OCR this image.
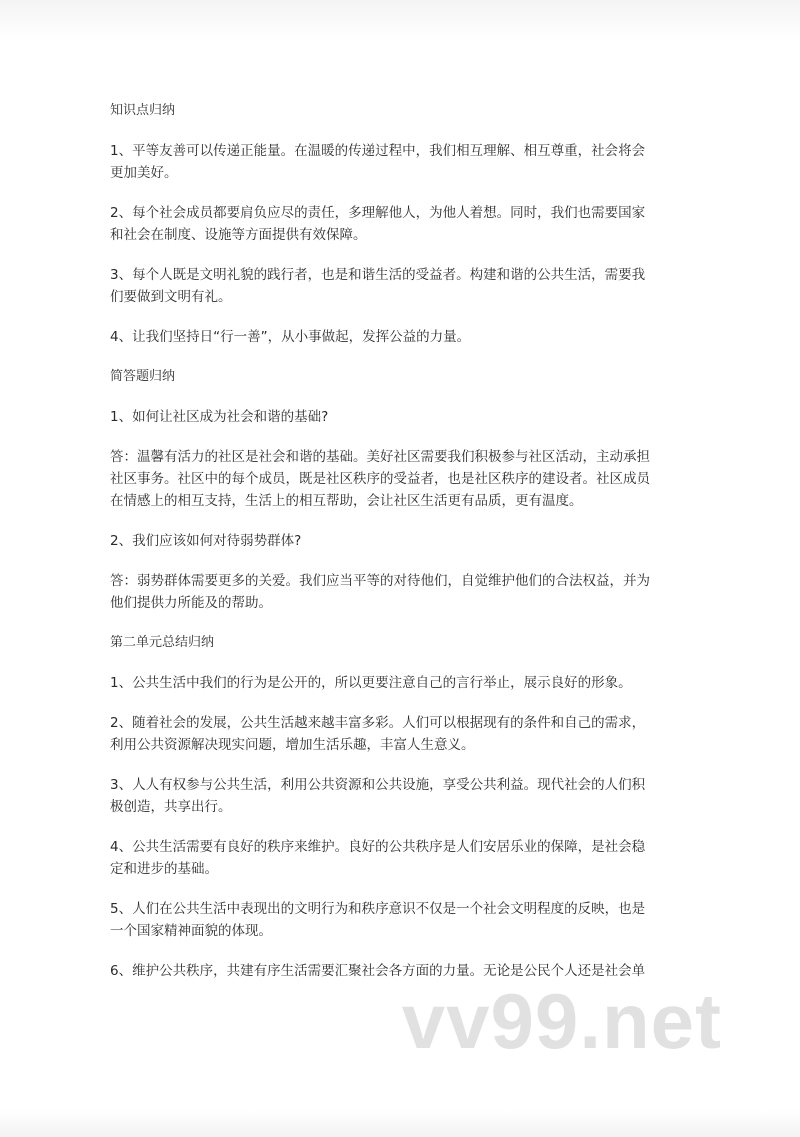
知识点归纳
1、平等友善可以传递正能量。在温暖的传递过程中，我们相互理解、相互尊重，社会将会
更加美好。
2、每个社会成员都要肩负应尽的责任，多理解他人，为他人着想。同时，我们也需要国家
和社会在制度、设施等方面提供有效保障。
3、每个人既是文明礼貌的践行者，也是和谐生活的受益者。构建和谐的公共生活，需要我
们要做到文明有礼。
4、让我们坚持日“行一善”，从小事做起，发挥公益的力量。
简答题归纳
1、如何让社区成为社会和谐的基础?
答：温馨有活力的社区是社会和谐的基础。美好社区需要我们积极参与社区活动，主动承担
社区事务。社区中的每个成员，既是社区秩序的受益者，也是社区秩序的建设者。社区成员
在情感上的相互支持，生活上的相互帮助，会让社区生活更有品质，更有温度。
2、我们应该如何对待弱势群体?
答：弱势群体需要更多的关爱。我们应当平等的对待他们，自觉维护他们的合法权益，并为
他们提供力所能及的帮助。
第二单元总结归纳
1、公共生活中我们的行为是公开的，所以更要注意自己的言行举止，展示良好的形象。
2、随着社会的发展，公共生活越来越丰富多彩。人们可以根据现有的条件和自己的需求，
利用公共资源解决现实问题，增加生活乐趣，丰富人生意义。
3、人人有权参与公共生活，利用公共资源和公共设施，享受公共利益。现代社会的人们积
极创造，共享出行。
4、公共生活需要有良好的秩序来维护。良好的公共秩序是人们安居乐业的保障，是社会稳
定和进步的基础。
5、人们在公共生活中表现出的文明行为和秩序意识不仅是一个社会文明程度的反映，也是
一个国家精神面貌的体现。
6、维护公共秩序，共建有序生活需要汇聚社会各方面的力量。无论是公民个人还是社会单
vv99.net
